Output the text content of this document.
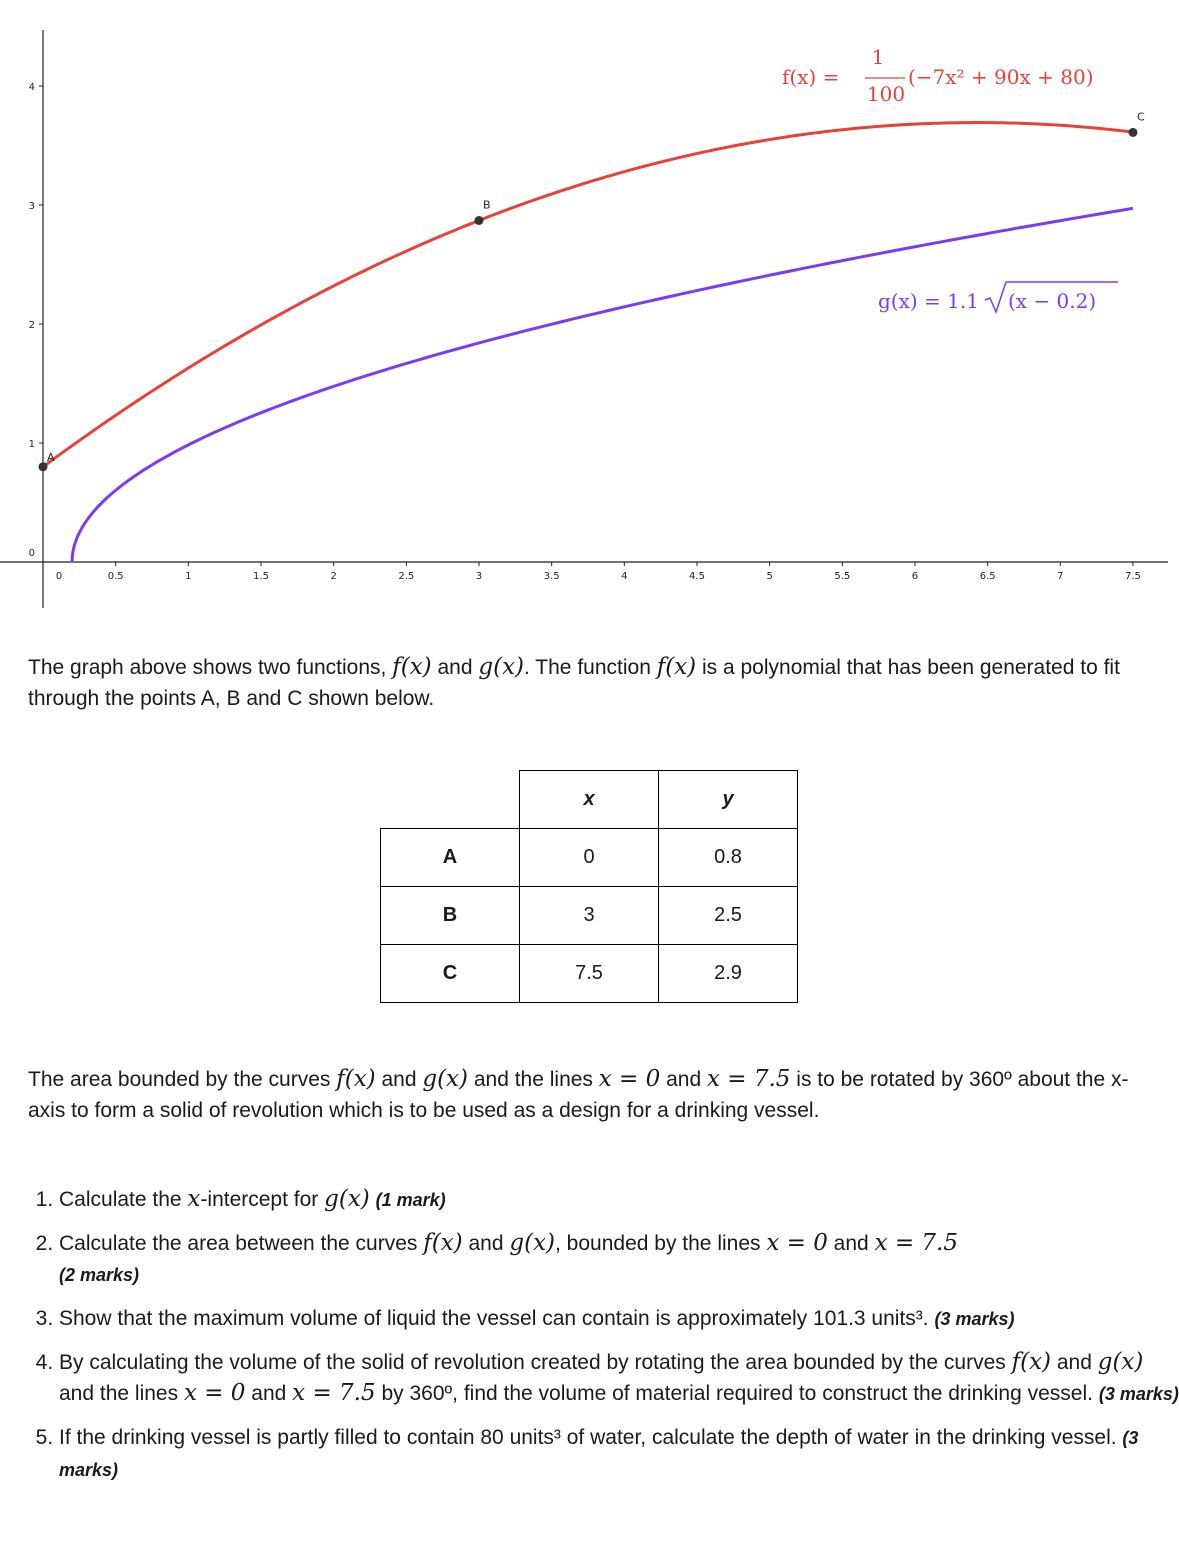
0	0.5	1	1.5	2	2.5	3	3.5	4	4.5	5	5.5	6	6.5	7	7.5
0
1
2
3
4
A
B
C
f(x) =
1
100
(−7x² + 90x + 80)
g(x) = 1.1 (x − 0.2)
The graph above shows two functions, f(x) and g(x). The function f(x) is a polynomial that has been generated to fit through the points A, B and C shown below.
	x	y
A	0	0.8
B	3	2.5
C	7.5	2.9
The area bounded by the curves f(x) and g(x) and the lines x = 0 and x = 7.5 is to be rotated by 360º about the x-axis to form a solid of revolution which is to be used as a design for a drinking vessel.
1. Calculate the x-intercept for g(x) (1 mark)
2. Calculate the area between the curves f(x) and g(x), bounded by the lines x = 0 and x = 7.5
(2 marks)
3. Show that the maximum volume of liquid the vessel can contain is approximately 101.3 units³. (3 marks)
4. By calculating the volume of the solid of revolution created by rotating the area bounded by the curves f(x) and g(x) and the lines x = 0 and x = 7.5 by 360º, find the volume of material required to construct the drinking vessel. (3 marks)
5. If the drinking vessel is partly filled to contain 80 units³ of water, calculate the depth of water in the drinking vessel. (3 marks)
